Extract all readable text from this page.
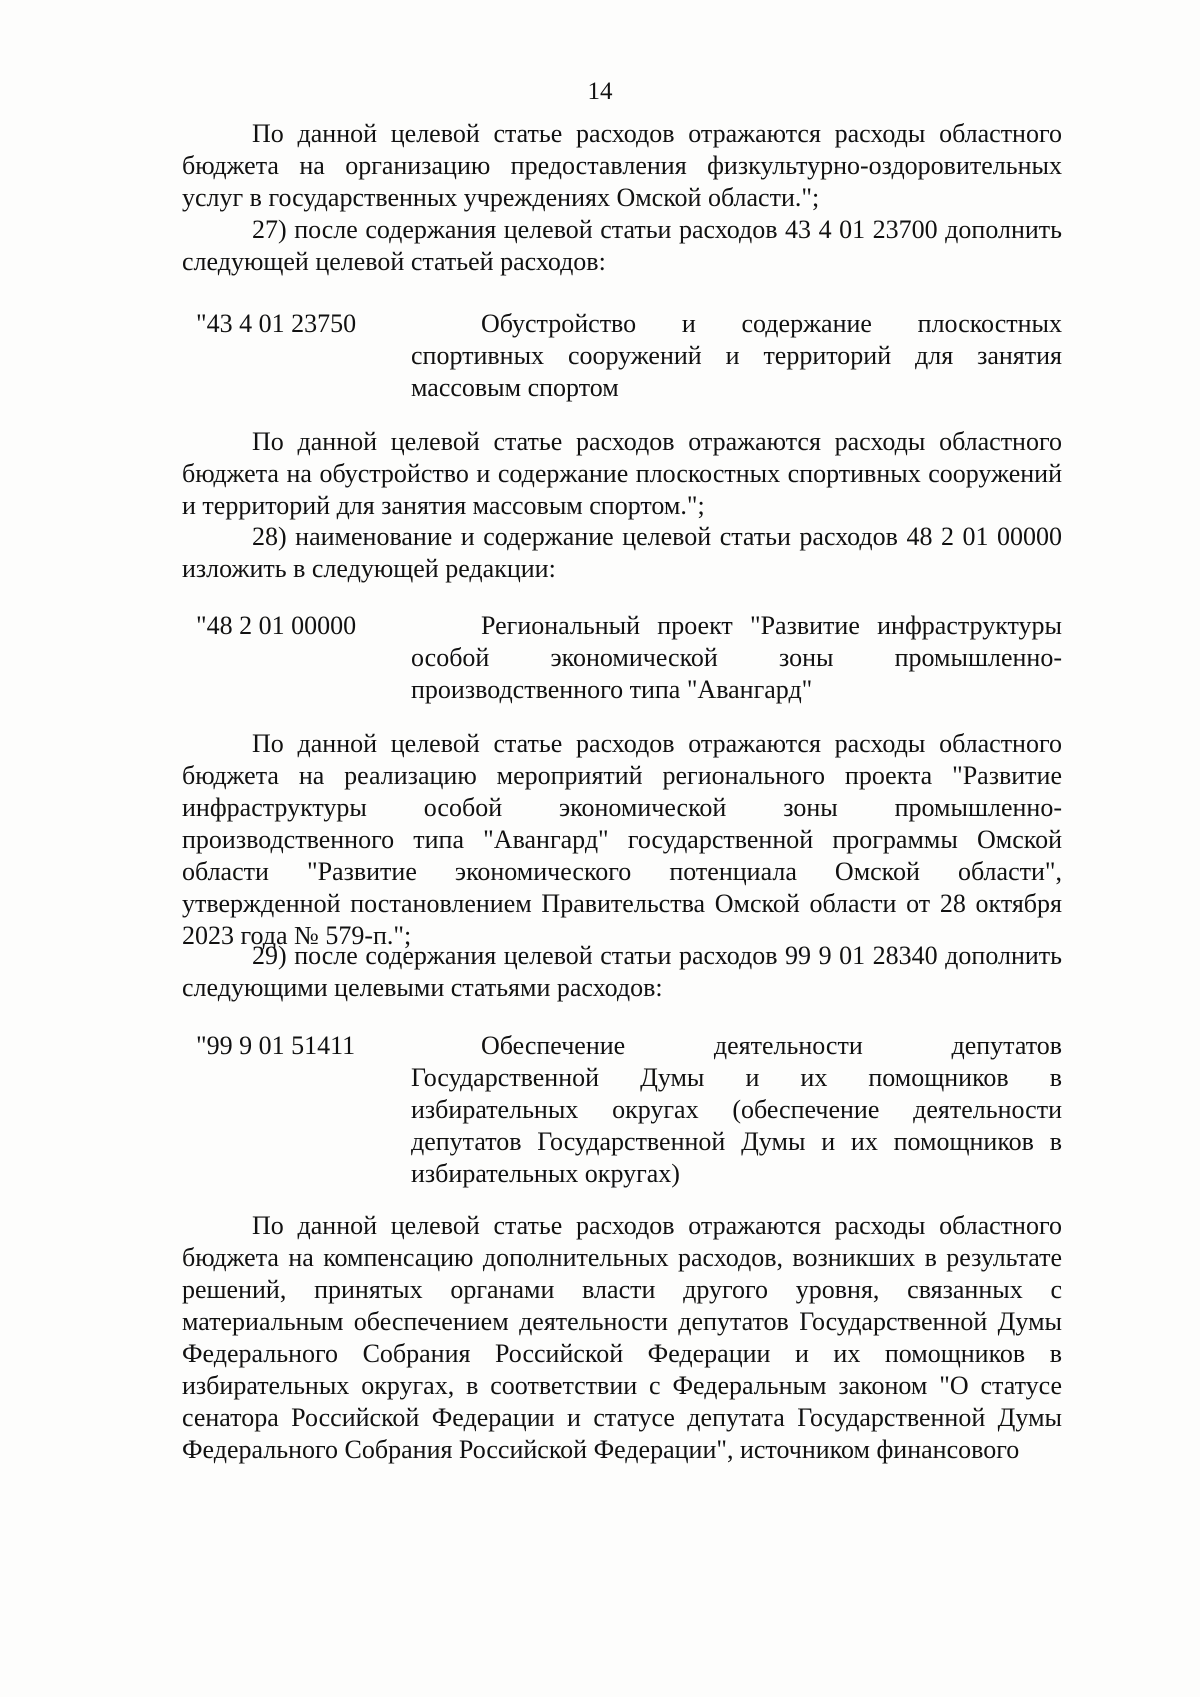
14

По данной целевой статье расходов отражаются расходы областного бюджета на организацию предоставления физкультурно-оздоровительных услуг в государственных учреждениях Омской области.";

27) после содержания целевой статьи расходов 43 4 01 23700 дополнить следующей целевой статьей расходов:

"43 4 01 23750	Обустройство и содержание плоскостных спортивных сооружений и территорий для занятия массовым спортом

По данной целевой статье расходов отражаются расходы областного бюджета на обустройство и содержание плоскостных спортивных сооружений и территорий для занятия массовым спортом.";

28) наименование и содержание целевой статьи расходов 48 2 01 00000 изложить в следующей редакции:

"48 2 01 00000	Региональный проект "Развитие инфраструктуры особой экономической зоны промышленно-производственного типа "Авангард"

По данной целевой статье расходов отражаются расходы областного бюджета на реализацию мероприятий регионального проекта "Развитие инфраструктуры особой экономической зоны промышленно-производственного типа "Авангард" государственной программы Омской области "Развитие экономического потенциала Омской области", утвержденной постановлением Правительства Омской области от 28 октября 2023 года № 579-п.";

29) после содержания целевой статьи расходов 99 9 01 28340 дополнить следующими целевыми статьями расходов:

"99 9 01 51411	Обеспечение деятельности депутатов Государственной Думы и их помощников в избирательных округах (обеспечение деятельности депутатов Государственной Думы и их помощников в избирательных округах)

По данной целевой статье расходов отражаются расходы областного бюджета на компенсацию дополнительных расходов, возникших в результате решений, принятых органами власти другого уровня, связанных с материальным обеспечением деятельности депутатов Государственной Думы Федерального Собрания Российской Федерации и их помощников в избирательных округах, в соответствии с Федеральным законом "О статусе сенатора Российской Федерации и статусе депутата Государственной Думы Федерального Собрания Российской Федерации", источником финансового
